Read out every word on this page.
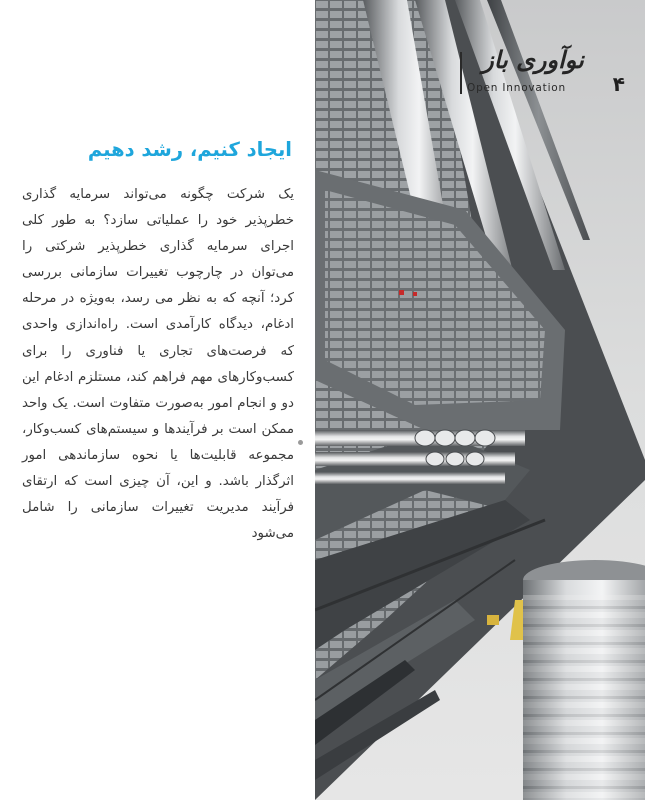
ایجاد کنیم، رشد دهیم

یک شرکت چگونه می‌تواند سرمایه گذاری خطرپذیر خود را عملیاتی سازد؟ به طور کلی اجرای سرمایه گذاری خطرپذیر شرکتی را می‌توان در چارچوب تغییرات سازمانی بررسی کرد؛ آنچه که به نظر می رسد، به‌ویژه در مرحله ادغام، دیدگاه کارآمدی است. راه‌اندازی واحدی که فرصت‌های تجاری یا فناوری را برای کسب‌وکارهای مهم فراهم کند، مستلزم ادغام این دو و انجام امور به‌صورت متفاوت است. یک واحد ممکن است بر فرآیندها و سیستم‌های کسب‌وکار، مجموعه قابلیت‌ها یا نحوه سازماندهی امور اثرگذار باشد. و این، آن چیزی است که ارتقای فرآیند مدیریت تغییرات سازمانی را شامل می‌شود

نوآوری باز
Open Innovation	۴
